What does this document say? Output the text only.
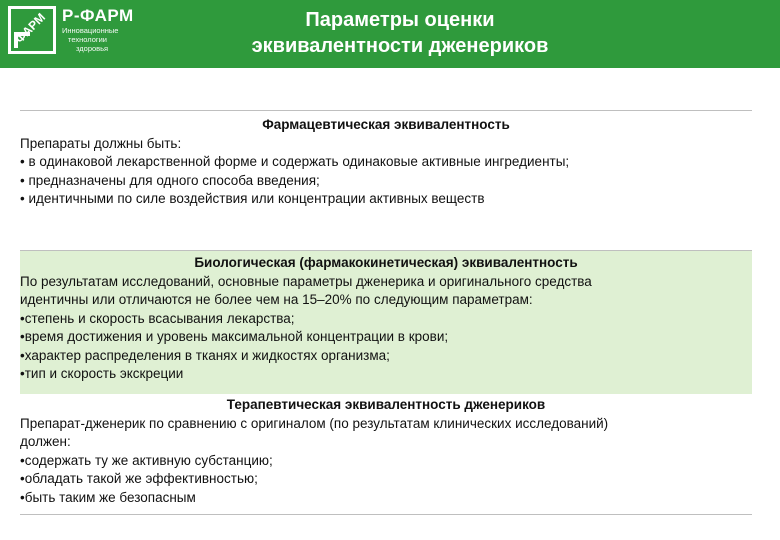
ФАРМ Р-ФАРМ
Инновационные
технологии
здоровья
Параметры оценки
эквивалентности дженериков
Фармацевтическая эквивалентность
Препараты должны быть:
• в одинаковой лекарственной форме и содержать одинаковые активные ингредиенты;
• предназначены для одного способа введения;
• идентичными по силе воздействия или концентрации активных веществ
Биологическая (фармакокинетическая) эквивалентность
По результатам исследований, основные параметры дженерика и оригинального средства
идентичны или отличаются не более чем на 15–20% по следующим параметрам:
•степень и скорость всасывания лекарства;
•время достижения и уровень максимальной концентрации в крови;
•характер распределения в тканях и жидкостях организма;
•тип и скорость экскреции
Терапевтическая эквивалентность дженериков
Препарат-дженерик по сравнению с оригиналом (по результатам клинических исследований)
должен:
•содержать ту же активную субстанцию;
•обладать такой же эффективностью;
•быть таким же безопасным
